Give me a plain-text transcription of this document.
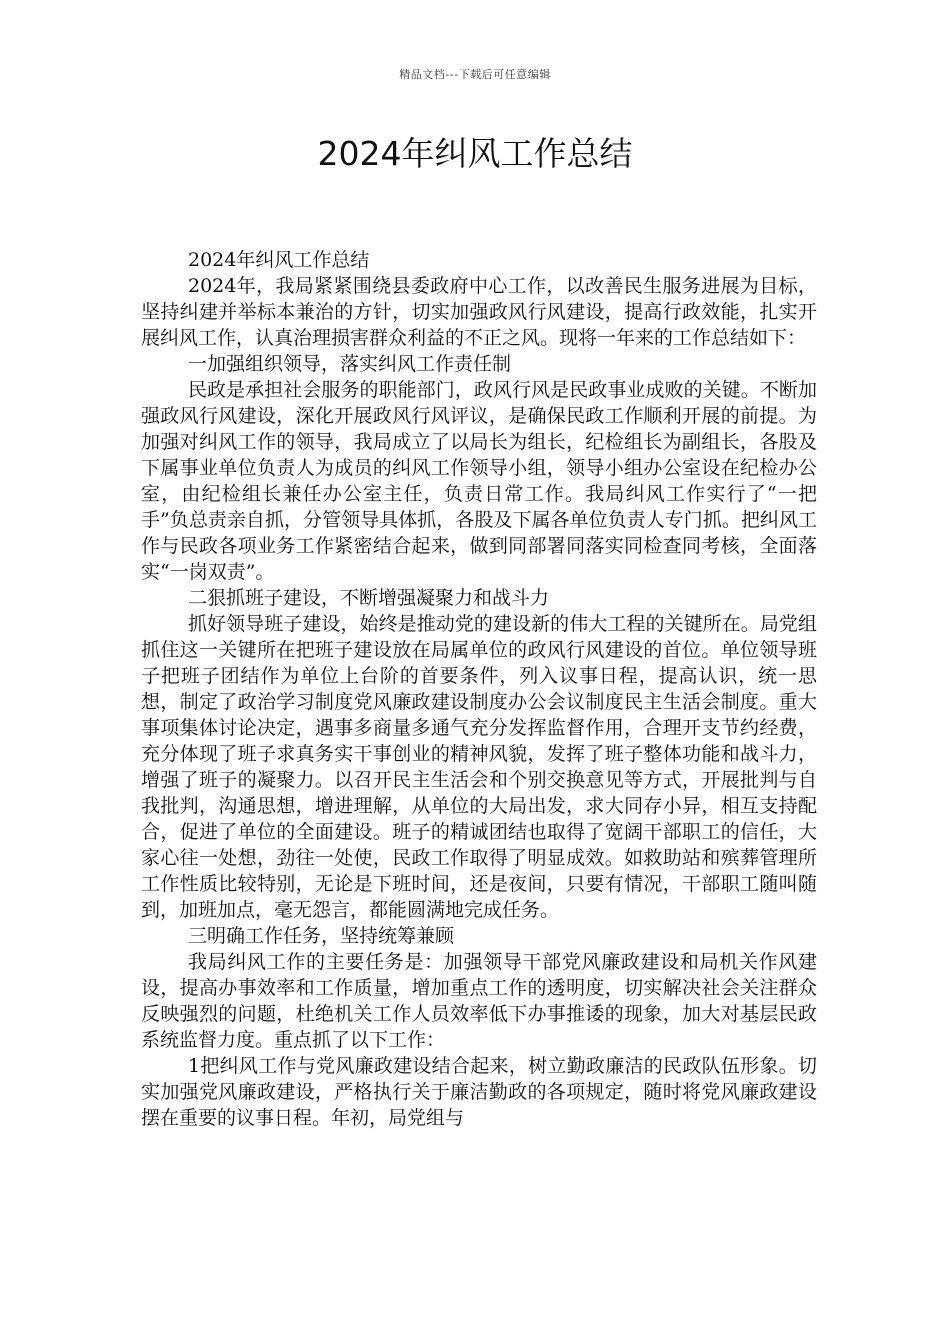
精品文档---下载后可任意编辑
2024年纠风工作总结

2024年纠风工作总结

2024年，我局紧紧围绕县委政府中心工作，以改善民生服务进展为目标，坚持纠建并举标本兼治的方针，切实加强政风行风建设，提高行政效能，扎实开展纠风工作，认真治理损害群众利益的不正之风。现将一年来的工作总结如下：

一加强组织领导，落实纠风工作责任制

民政是承担社会服务的职能部门，政风行风是民政事业成败的关键。不断加强政风行风建设，深化开展政风行风评议，是确保民政工作顺利开展的前提。为加强对纠风工作的领导，我局成立了以局长为组长，纪检组长为副组长，各股及下属事业单位负责人为成员的纠风工作领导小组，领导小组办公室设在纪检办公室，由纪检组长兼任办公室主任，负责日常工作。我局纠风工作实行了“一把手”负总责亲自抓，分管领导具体抓，各股及下属各单位负责人专门抓。把纠风工作与民政各项业务工作紧密结合起来，做到同部署同落实同检查同考核，全面落实“一岗双责”。

二狠抓班子建设，不断增强凝聚力和战斗力

抓好领导班子建设，始终是推动党的建设新的伟大工程的关键所在。局党组抓住这一关键所在把班子建设放在局属单位的政风行风建设的首位。单位领导班子把班子团结作为单位上台阶的首要条件，列入议事日程，提高认识，统一思想，制定了政治学习制度党风廉政建设制度办公会议制度民主生活会制度。重大事项集体讨论决定，遇事多商量多通气充分发挥监督作用，合理开支节约经费，充分体现了班子求真务实干事创业的精神风貌，发挥了班子整体功能和战斗力，增强了班子的凝聚力。以召开民主生活会和个别交换意见等方式，开展批判与自我批判，沟通思想，增进理解，从单位的大局出发，求大同存小异，相互支持配合，促进了单位的全面建设。班子的精诚团结也取得了宽阔干部职工的信任，大家心往一处想，劲往一处使，民政工作取得了明显成效。如救助站和殡葬管理所工作性质比较特别，无论是下班时间，还是夜间，只要有情况，干部职工随叫随到，加班加点，毫无怨言，都能圆满地完成任务。

三明确工作任务，坚持统筹兼顾

我局纠风工作的主要任务是：加强领导干部党风廉政建设和局机关作风建设，提高办事效率和工作质量，增加重点工作的透明度，切实解决社会关注群众反映强烈的问题，杜绝机关工作人员效率低下办事推诿的现象，加大对基层民政系统监督力度。重点抓了以下工作：

1把纠风工作与党风廉政建设结合起来，树立勤政廉洁的民政队伍形象。切实加强党风廉政建设，严格执行关于廉洁勤政的各项规定，随时将党风廉政建设摆在重要的议事日程。年初，局党组与
